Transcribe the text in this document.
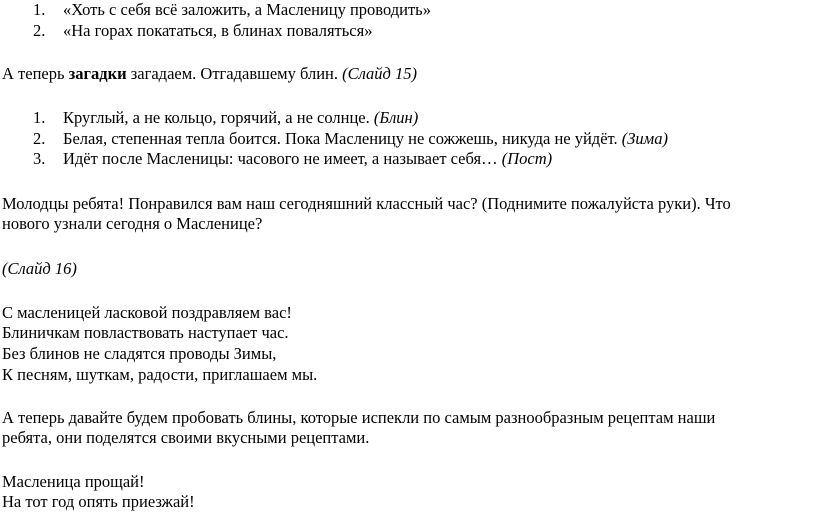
1. «Хоть с себя всё заложить, а Масленицу проводить»
2. «На горах покататься, в блинах поваляться»
А теперь загадки загадаем. Отгадавшему блин. (Слайд 15)
1. Круглый, а не кольцо, горячий, а не солнце. (Блин)
2. Белая, степенная тепла боится. Пока Масленицу не сожжешь, никуда не уйдёт. (Зима)
3. Идёт после Масленицы: часового не имеет, а называет себя… (Пост)
Молодцы ребята! Понравился вам наш сегодняшний классный час? (Поднимите пожалуйста руки). Что
нового узнали сегодня о Масленице?
(Слайд 16)
С масленицей ласковой поздравляем вас!
Блиничкам повластвовать наступает час.
Без блинов не сладятся проводы Зимы,
К песням, шуткам, радости, приглашаем мы.
А теперь давайте будем пробовать блины, которые испекли по самым разнообразным рецептам наши
ребята, они поделятся своими вкусными рецептами.
Масленица прощай!
На тот год опять приезжай!
